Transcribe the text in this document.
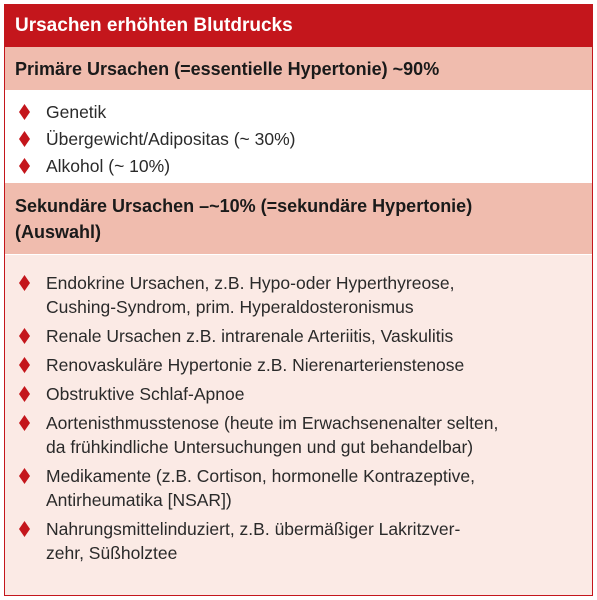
Ursachen erhöhten Blutdrucks
Primäre Ursachen (=essentielle Hypertonie) ~90%
Genetik
Übergewicht/Adipositas (~ 30%)
Alkohol (~ 10%)
Sekundäre Ursachen –~10% (=sekundäre Hypertonie)
(Auswahl)
Endokrine Ursachen, z.B. Hypo-oder Hyperthyreose,
Cushing-Syndrom, prim. Hyperaldosteronismus
Renale Ursachen z.B. intrarenale Arteriitis, Vaskulitis
Renovaskuläre Hypertonie z.B. Nierenarterienstenose
Obstruktive Schlaf-Apnoe
Aortenisthmusstenose (heute im Erwachsenenalter selten,
da frühkindliche Untersuchungen und gut behandelbar)
Medikamente (z.B. Cortison, hormonelle Kontrazeptive,
Antirheumatika [NSAR])
Nahrungsmittelinduziert, z.B. übermäßiger Lakritzver-
zehr, Süßholztee
